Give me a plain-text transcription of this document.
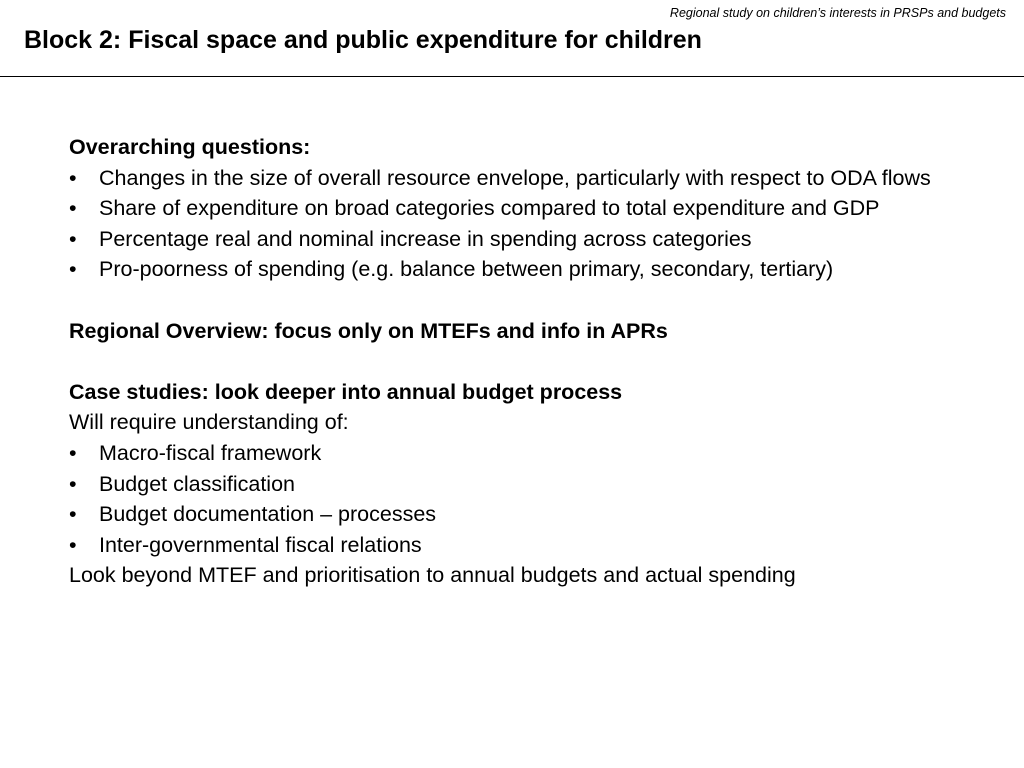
Regional study on children’s interests in PRSPs and budgets
Block 2: Fiscal space and public expenditure for children

Overarching questions:

• Changes in the size of overall resource envelope, particularly with respect to ODA flows
• Share of expenditure on broad categories compared to total expenditure and GDP
• Percentage real and nominal increase in spending across categories
• Pro-poorness of spending (e.g. balance between primary, secondary, tertiary)

Regional Overview: focus only on MTEFs and info in APRs

Case studies: look deeper into annual budget process

Will require understanding of:

• Macro-fiscal framework
• Budget classification
• Budget documentation – processes
• Inter-governmental fiscal relations

Look beyond MTEF and prioritisation to annual budgets and actual spending
